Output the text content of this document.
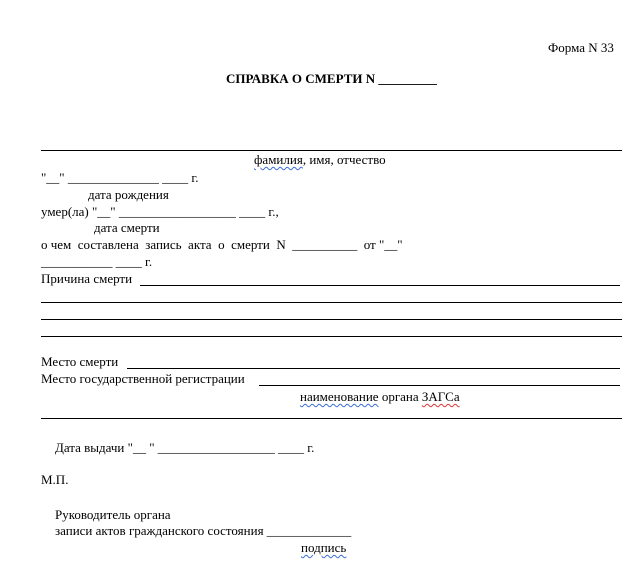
Форма N 33
СПРАВКА О СМЕРТИ N _________
фамилия, имя, отчество
"__" ______________ ____ г.
дата рождения
умер(ла) "__" __________________ ____ г.,
дата смерти
о чем  составлена  запись  акта  о  смерти  N  __________  от "__"
___________ ____ г.
Причина смерти
Место смерти
Место государственной регистрации
наименование органа ЗАГСа
Дата выдачи "__ " __________________ ____ г.
М.П.
Руководитель органа
записи актов гражданского состояния _____________
подпись
